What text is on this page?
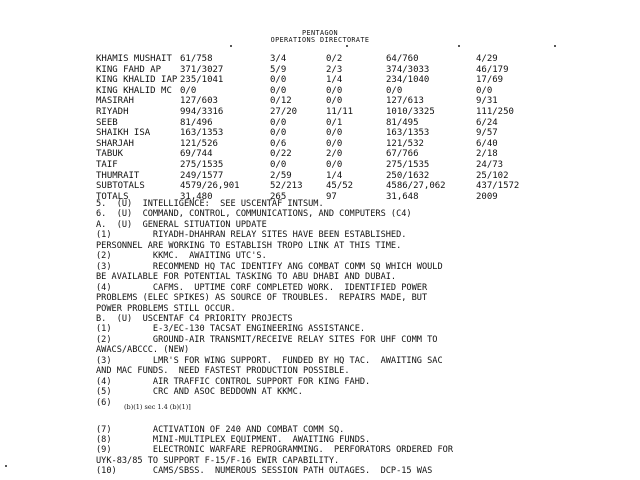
PENTAGON
OPERATIONS DIRECTORATE
KHAMIS MUSHAIT 61/758	3/4	0/2	64/760	4/29
KING FAHD AP 371/3027	5/9	2/3	374/3033	46/179
KING KHALID IAP 235/1041	0/0	1/4	234/1040	17/69
KING KHALID MC 0/0	0/0	0/0	0/0	0/0
MASIRAH	127/603	0/12	0/0	127/613	9/31
RIYADH	994/3316	27/20	11/11	1010/3325	111/250
SEEB	81/496	0/0	0/1	81/495	6/24
SHAIKH ISA	163/1353	0/0	0/0	163/1353	9/57
SHARJAH	121/526	0/6	0/0	121/532	6/40
TABUK	69/744	0/22	2/0	67/766	2/18
TAIF	275/1535	0/0	0/0	275/1535	24/73
THUMRAIT	249/1577	2/59	1/4	250/1632	25/102
SUBTOTALS	4579/26,901	52/213	45/52	4586/27,062	437/1572
TOTALS	31,480	265	97	31,648	2009
5.  (U)  INTELLIGENCE:  SEE USCENTAF INTSUM.
6.  (U)  COMMAND, CONTROL, COMMUNICATIONS, AND COMPUTERS (C4)
A.  (U)  GENERAL SITUATION UPDATE
(1)        RIYADH-DHAHRAN RELAY SITES HAVE BEEN ESTABLISHED.
PERSONNEL ARE WORKING TO ESTABLISH TROPO LINK AT THIS TIME.
(2)        KKMC.  AWAITING UTC'S.
(3)        RECOMMEND HQ TAC IDENTIFY ANG COMBAT COMM SQ WHICH WOULD
BE AVAILABLE FOR POTENTIAL TASKING TO ABU DHABI AND DUBAI.
(4)        CAFMS.  UPTIME CORF COMPLETED WORK.  IDENTIFIED POWER
PROBLEMS (ELEC SPIKES) AS SOURCE OF TROUBLES.  REPAIRS MADE, BUT
POWER PROBLEMS STILL OCCUR.
B.  (U)  USCENTAF C4 PRIORITY PROJECTS
(1)        E-3/EC-130 TACSAT ENGINEERING ASSISTANCE.
(2)        GROUND-AIR TRANSMIT/RECEIVE RELAY SITES FOR UHF COMM TO
AWACS/ABCCC. (NEW)
(3)        LMR'S FOR WING SUPPORT.  FUNDED BY HQ TAC.  AWAITING SAC
AND MAC FUNDS.  NEED FASTEST PRODUCTION POSSIBLE.
(4)        AIR TRAFFIC CONTROL SUPPORT FOR KING FAHD.
(5)        CRC AND ASOC BEDDOWN AT KKMC.
(6)	(b)(1) sec 1.4 (b)(1)]
(7)        ACTIVATION OF 240 AND COMBAT COMM SQ.
(8)        MINI-MULTIPLEX EQUIPMENT.  AWAITING FUNDS.
(9)        ELECTRONIC WARFARE REPROGRAMMING.  PERFORATORS ORDERED FOR
UYK-83/85 TO SUPPORT F-15/F-16 EWIR CAPABILITY.
(10)       CAMS/SBSS.  NUMEROUS SESSION PATH OUTAGES.  DCP-15 WAS
